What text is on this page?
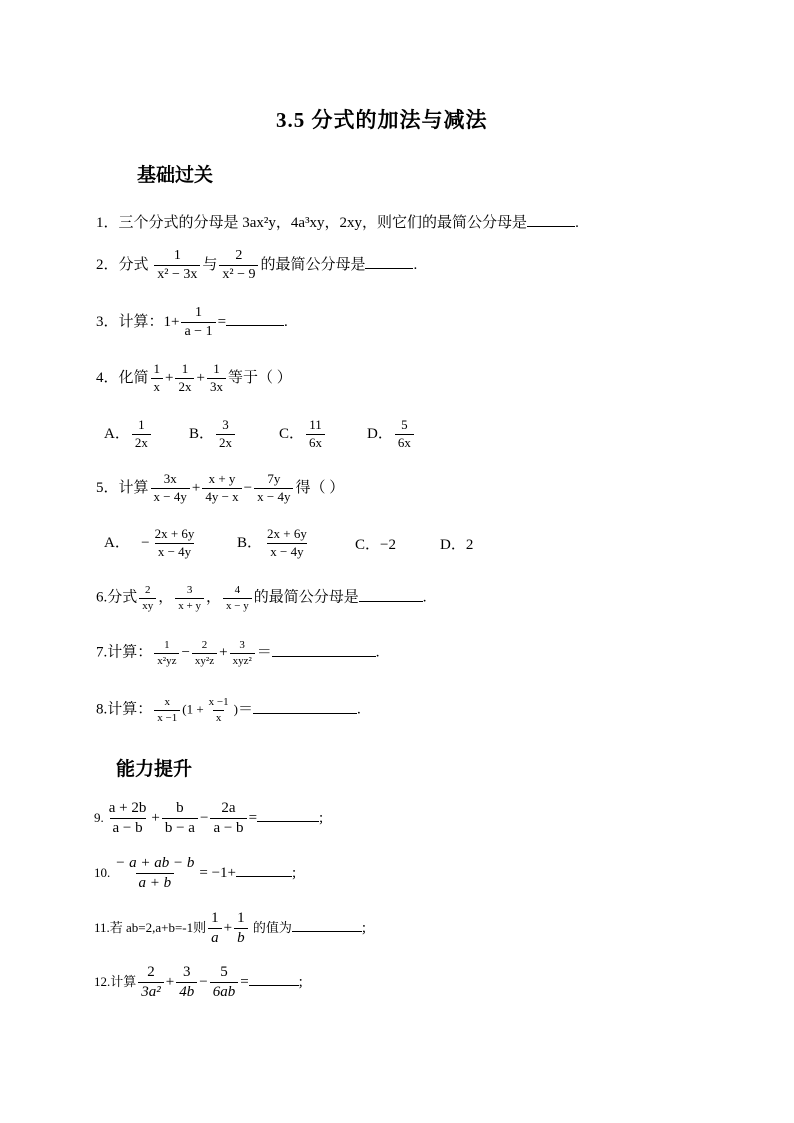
3.5 分式的加法与减法
基础过关
1．三个分式的分母是 3ax²y，4a³xy，2xy，则它们的最简公分母是	.
2．分式 $\frac{1}{\text{x² − 3x}}$ 与 $\frac{2}{\text{x² − 9}}$ 的最简公分母是	.
3．计算：$1+ \frac{1}{a - 1}$ =	.
4．化简 $\frac{1}{x} + \frac{1}{2x} + \frac{1}{3x}$ 等于（ ）
A． $\frac{1}{2x}$	B． $\frac{3}{2x}$	C． $\frac{11}{6x}$	D． $\frac{5}{6x}$
5．计算 $\frac{3x}{x - 4y} + \frac{x + y}{4y - x} - \frac{7y}{x - 4y}$ 得（ ）
A． − $\frac{2x + 6y}{x - 4y}$	B． $\frac{2x + 6y}{x - 4y}$	C．−2	D．2
6.分式 $\frac{2}{xy}$ ， $\frac{3}{x + y}$ ， $\frac{4}{x - y}$ 的最简公分母是	.
7.计算： $\frac{1}{\text{x²yz}} - \frac{2}{\text{xy²z}} + \frac{3}{\text{xyz²}}$ ＝	.
8.计算： $\frac{x}{x -1} (1 + \frac{x -1}{x}$ )＝	.
能力提升
9. $\frac{a + 2b}{a - b} + \frac{b}{b - a} - \frac{2a}{a - b}$ =	;
10. $\frac{- a + ab - b}{a + b} = -1+$	;
11.若 ab=2,a+b=-1则 $\frac{1}{a} + \frac{1}{b}$ 的值为	;
12.计算 $\frac{2}{\text{3a²}} + \frac{3}{4b} - \frac{5}{6ab}$ =	;
